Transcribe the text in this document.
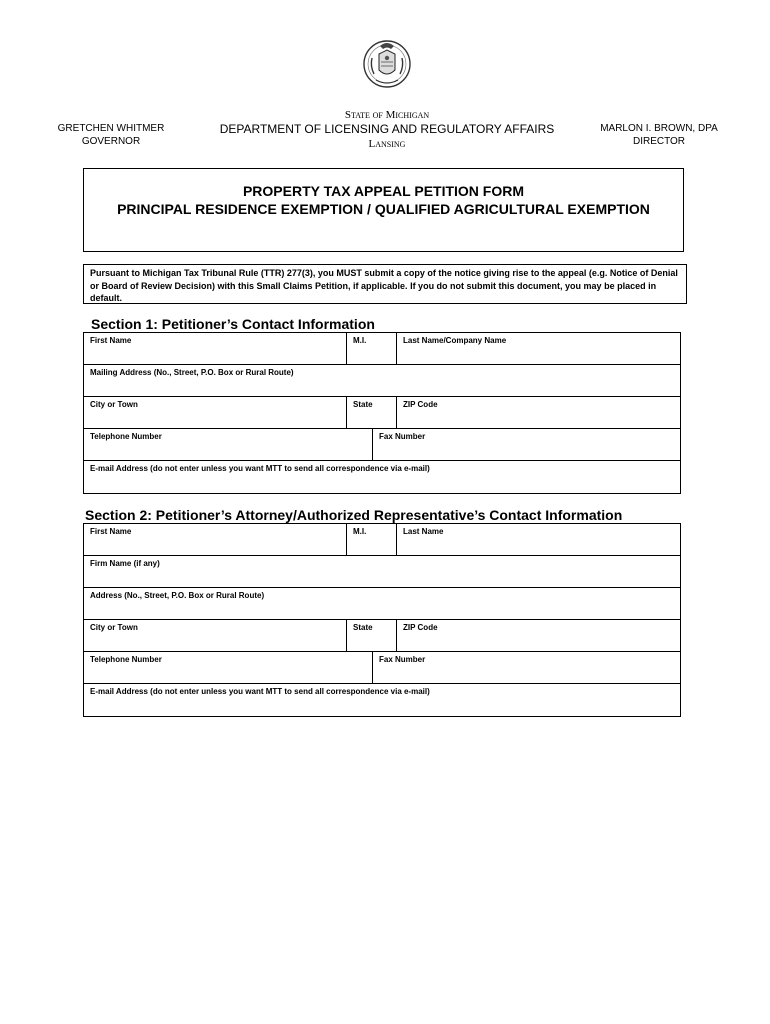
GRETCHEN WHITMER
GOVERNOR
State of Michigan
DEPARTMENT OF LICENSING AND REGULATORY AFFAIRS
Lansing
MARLON I. BROWN, DPA
DIRECTOR
PROPERTY TAX APPEAL PETITION FORM
PRINCIPAL RESIDENCE EXEMPTION / QUALIFIED AGRICULTURAL EXEMPTION
Pursuant to Michigan Tax Tribunal Rule (TTR) 277(3), you MUST submit a copy of the notice giving rise to the appeal (e.g. Notice of Denial or Board of Review Decision) with this Small Claims Petition, if applicable. If you do not submit this document, you may be placed in default.
Section 1: Petitioner’s Contact Information
First Name	M.I.	Last Name/Company Name
Mailing Address (No., Street, P.O. Box or Rural Route)
City or Town	State	ZIP Code
Telephone Number	Fax Number
E-mail Address (do not enter unless you want MTT to send all correspondence via e-mail)
Section 2: Petitioner’s Attorney/Authorized Representative’s Contact Information
First Name	M.I.	Last Name
Firm Name (if any)
Address (No., Street, P.O. Box or Rural Route)
City or Town	State	ZIP Code
Telephone Number	Fax Number
E-mail Address (do not enter unless you want MTT to send all correspondence via e-mail)
